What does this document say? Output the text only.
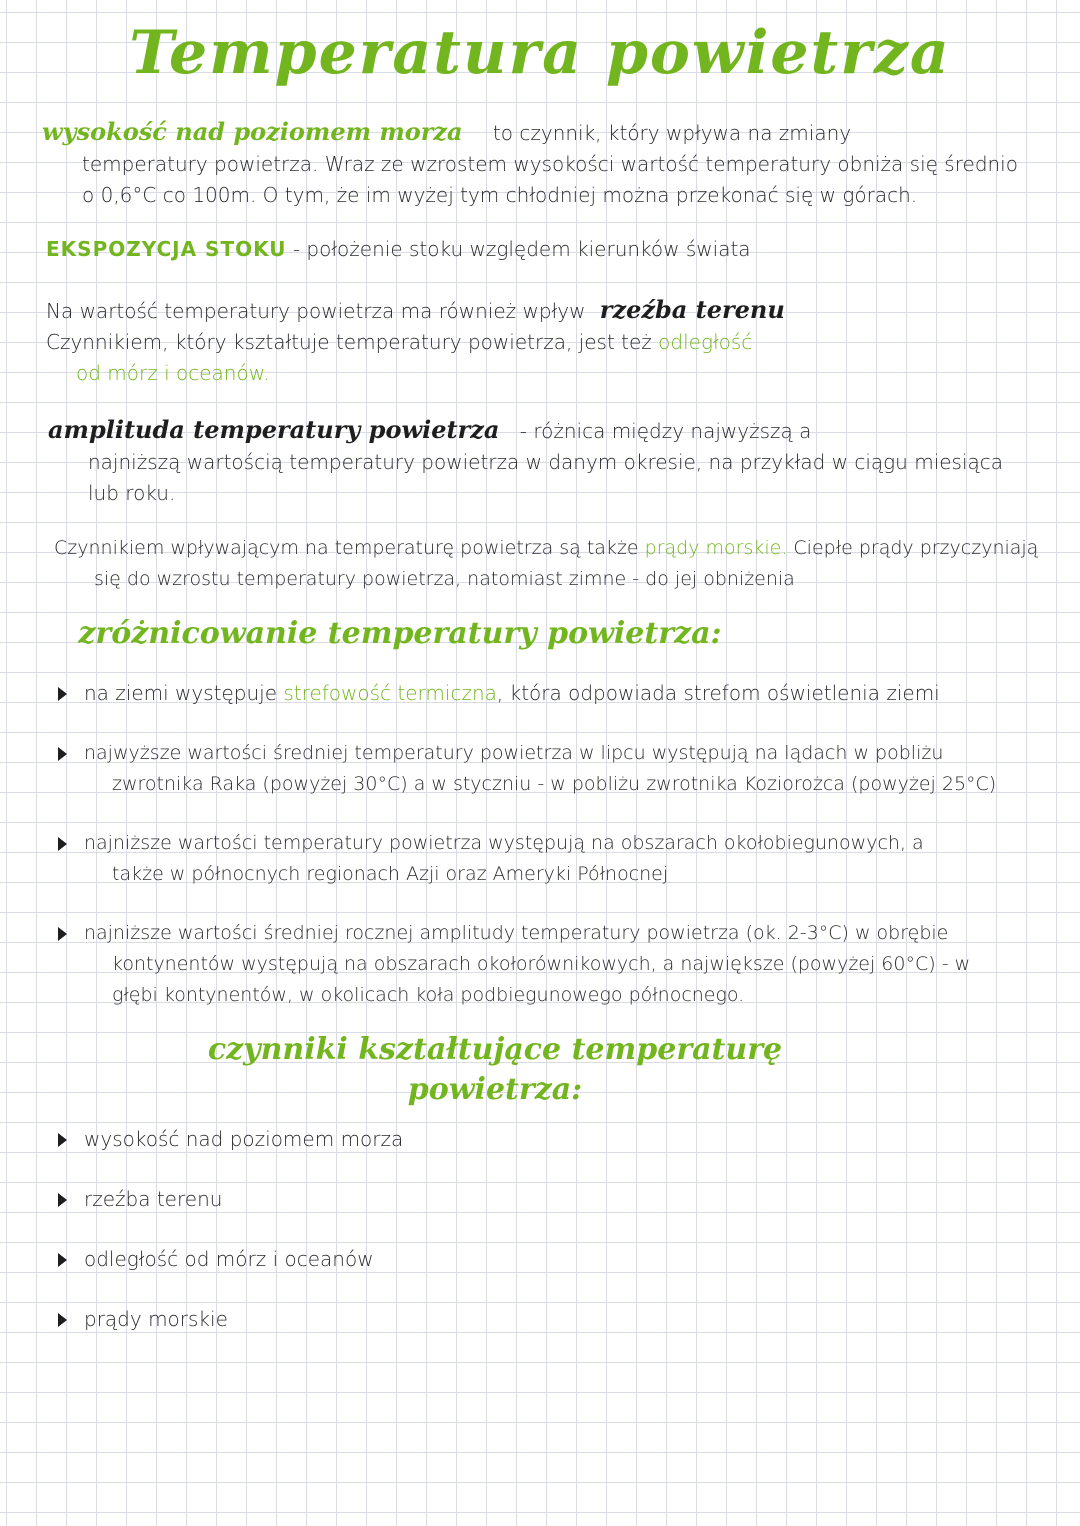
Temperatura powietrza
wysokość nad poziomem morza to czynnik, który wpływa na zmiany
temperatury powietrza. Wraz ze wzrostem wysokości wartość temperatury obniża się średnio
o 0,6°C co 100m. O tym, że im wyżej tym chłodniej można przekonać się w górach.
EKSPOZYCJA STOKU - położenie stoku względem kierunków świata
Na wartość temperatury powietrza ma również wpływ rzeźba terenu
Czynnikiem, który kształtuje temperatury powietrza, jest też odległość
od mórz i oceanów.
amplituda temperatury powietrza - różnica między najwyższą a
najniższą wartością temperatury powietrza w danym okresie, na przykład w ciągu miesiąca
lub roku.
Czynnikiem wpływającym na temperaturę powietrza są także prądy morskie. Ciepłe prądy przyczyniają
się do wzrostu temperatury powietrza, natomiast zimne - do jej obniżenia
zróżnicowanie temperatury powietrza:
na ziemi występuje strefowość termiczna, która odpowiada strefom oświetlenia ziemi
najwyższe wartości średniej temperatury powietrza w lipcu występują na lądach w pobliżu
zwrotnika Raka (powyżej 30°C) a w styczniu - w pobliżu zwrotnika Koziorożca (powyżej 25°C)
najniższe wartości temperatury powietrza występują na obszarach okołobiegunowych, a
także w północnych regionach Azji oraz Ameryki Północnej
najniższe wartości średniej rocznej amplitudy temperatury powietrza (ok. 2-3°C) w obrębie
kontynentów występują na obszarach okołorównikowych, a największe (powyżej 60°C) - w
głębi kontynentów, w okolicach koła podbiegunowego północnego.
czynniki kształtujące temperaturę
powietrza:
wysokość nad poziomem morza
rzeźba terenu
odległość od mórz i oceanów
prądy morskie
